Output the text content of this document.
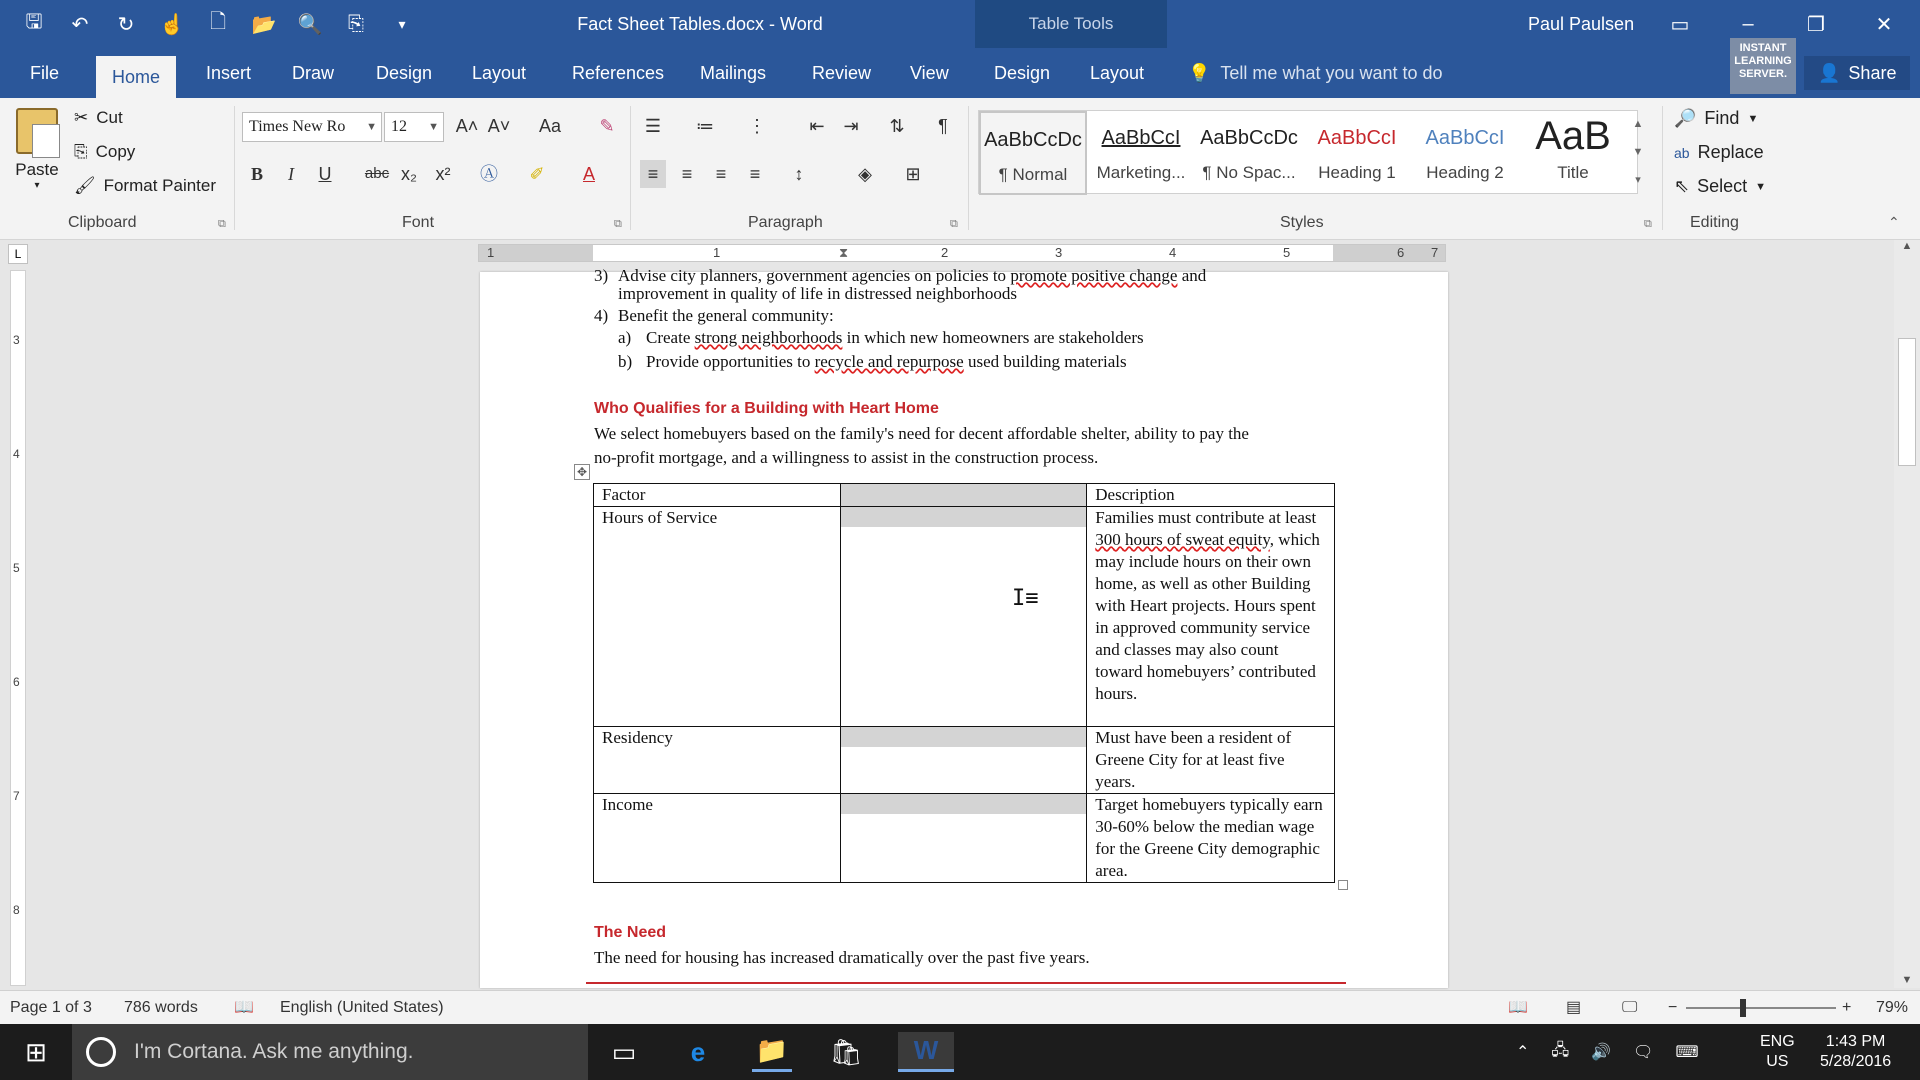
🖫	↶	↻	☝	🗋	📂 🔍	⎘	▾	Fact Sheet Tables.docx - Word	Table Tools	Paul Paulsen	▭	–	❐	✕
File	Home	Insert	Draw	Design	Layout	References	Mailings	Review	View	Design	Layout	💡 Tell me what you want to do	👤 Share
INSTANT LEARNING SERVER.
Paste
▾
✂ Cut
⎘ Copy
🖌 Format Painter
Clipboard	⧉
Times New Ro ▼ 12 ▼ A˄ A˅	Aa	✎
B	I	U	abc x₂	x²	Ⓐ	✐	A
Font	⧉
☰ ≔ ⋮	⇤	⇥	⇅	¶
≡	≡	≡	≡	↕	◈	⊞
Paragraph	⧉
AaBbCcDc
¶ Normal
AaBbCcI
Marketing...
AaBbCcDc
¶ No Spac...
AaBbCcI
Heading 1
AaBbCcI
Heading 2
AaB
Title
▲
▼
▾
Styles	⧉
🔎 Find ▼
ab Replace
⇖ Select ▼
Editing	⌃
L	1	1	2	3	4	5	6 7
⧗
3
4
5
6
7
8
3) Advise city planners, government agencies on policies to promote positive change and
improvement in quality of life in distressed neighborhoods
4) Benefit the general community:
a) Create strong neighborhoods in which new homeowners are stakeholders
b) Provide opportunities to recycle and repurpose used building materials
Who Qualifies for a Building with Heart Home
We select homebuyers based on the family's need for decent affordable shelter, ability to pay the
no-profit mortgage, and a willingness to assist in the construction process.
✥
Factor		Description
Hours of Service		Families must contribute at least 300 hours of sweat equity, which may include hours on their own home, as well as other Building with Heart projects. Hours spent in approved community service and classes may also count toward homebuyers’ contributed hours.
Residency		Must have been a resident of Greene City for at least five years.
Income		Target homebuyers typically earn 30-60% below the median wage for the Greene City demographic area.
I≡
The Need
The need for housing has increased dramatically over the past five years.
▲
▼
Page 1 of 3 786 words 📖 English (United States)	📖 ▤	🖵 −	+ 79%
⊞	I'm Cortana. Ask me anything.	▭	e	📁 🛍	W	⌃ 🖧 🔊 🗨 ⌨
ENG
US
1:43 PM
5/28/2016
